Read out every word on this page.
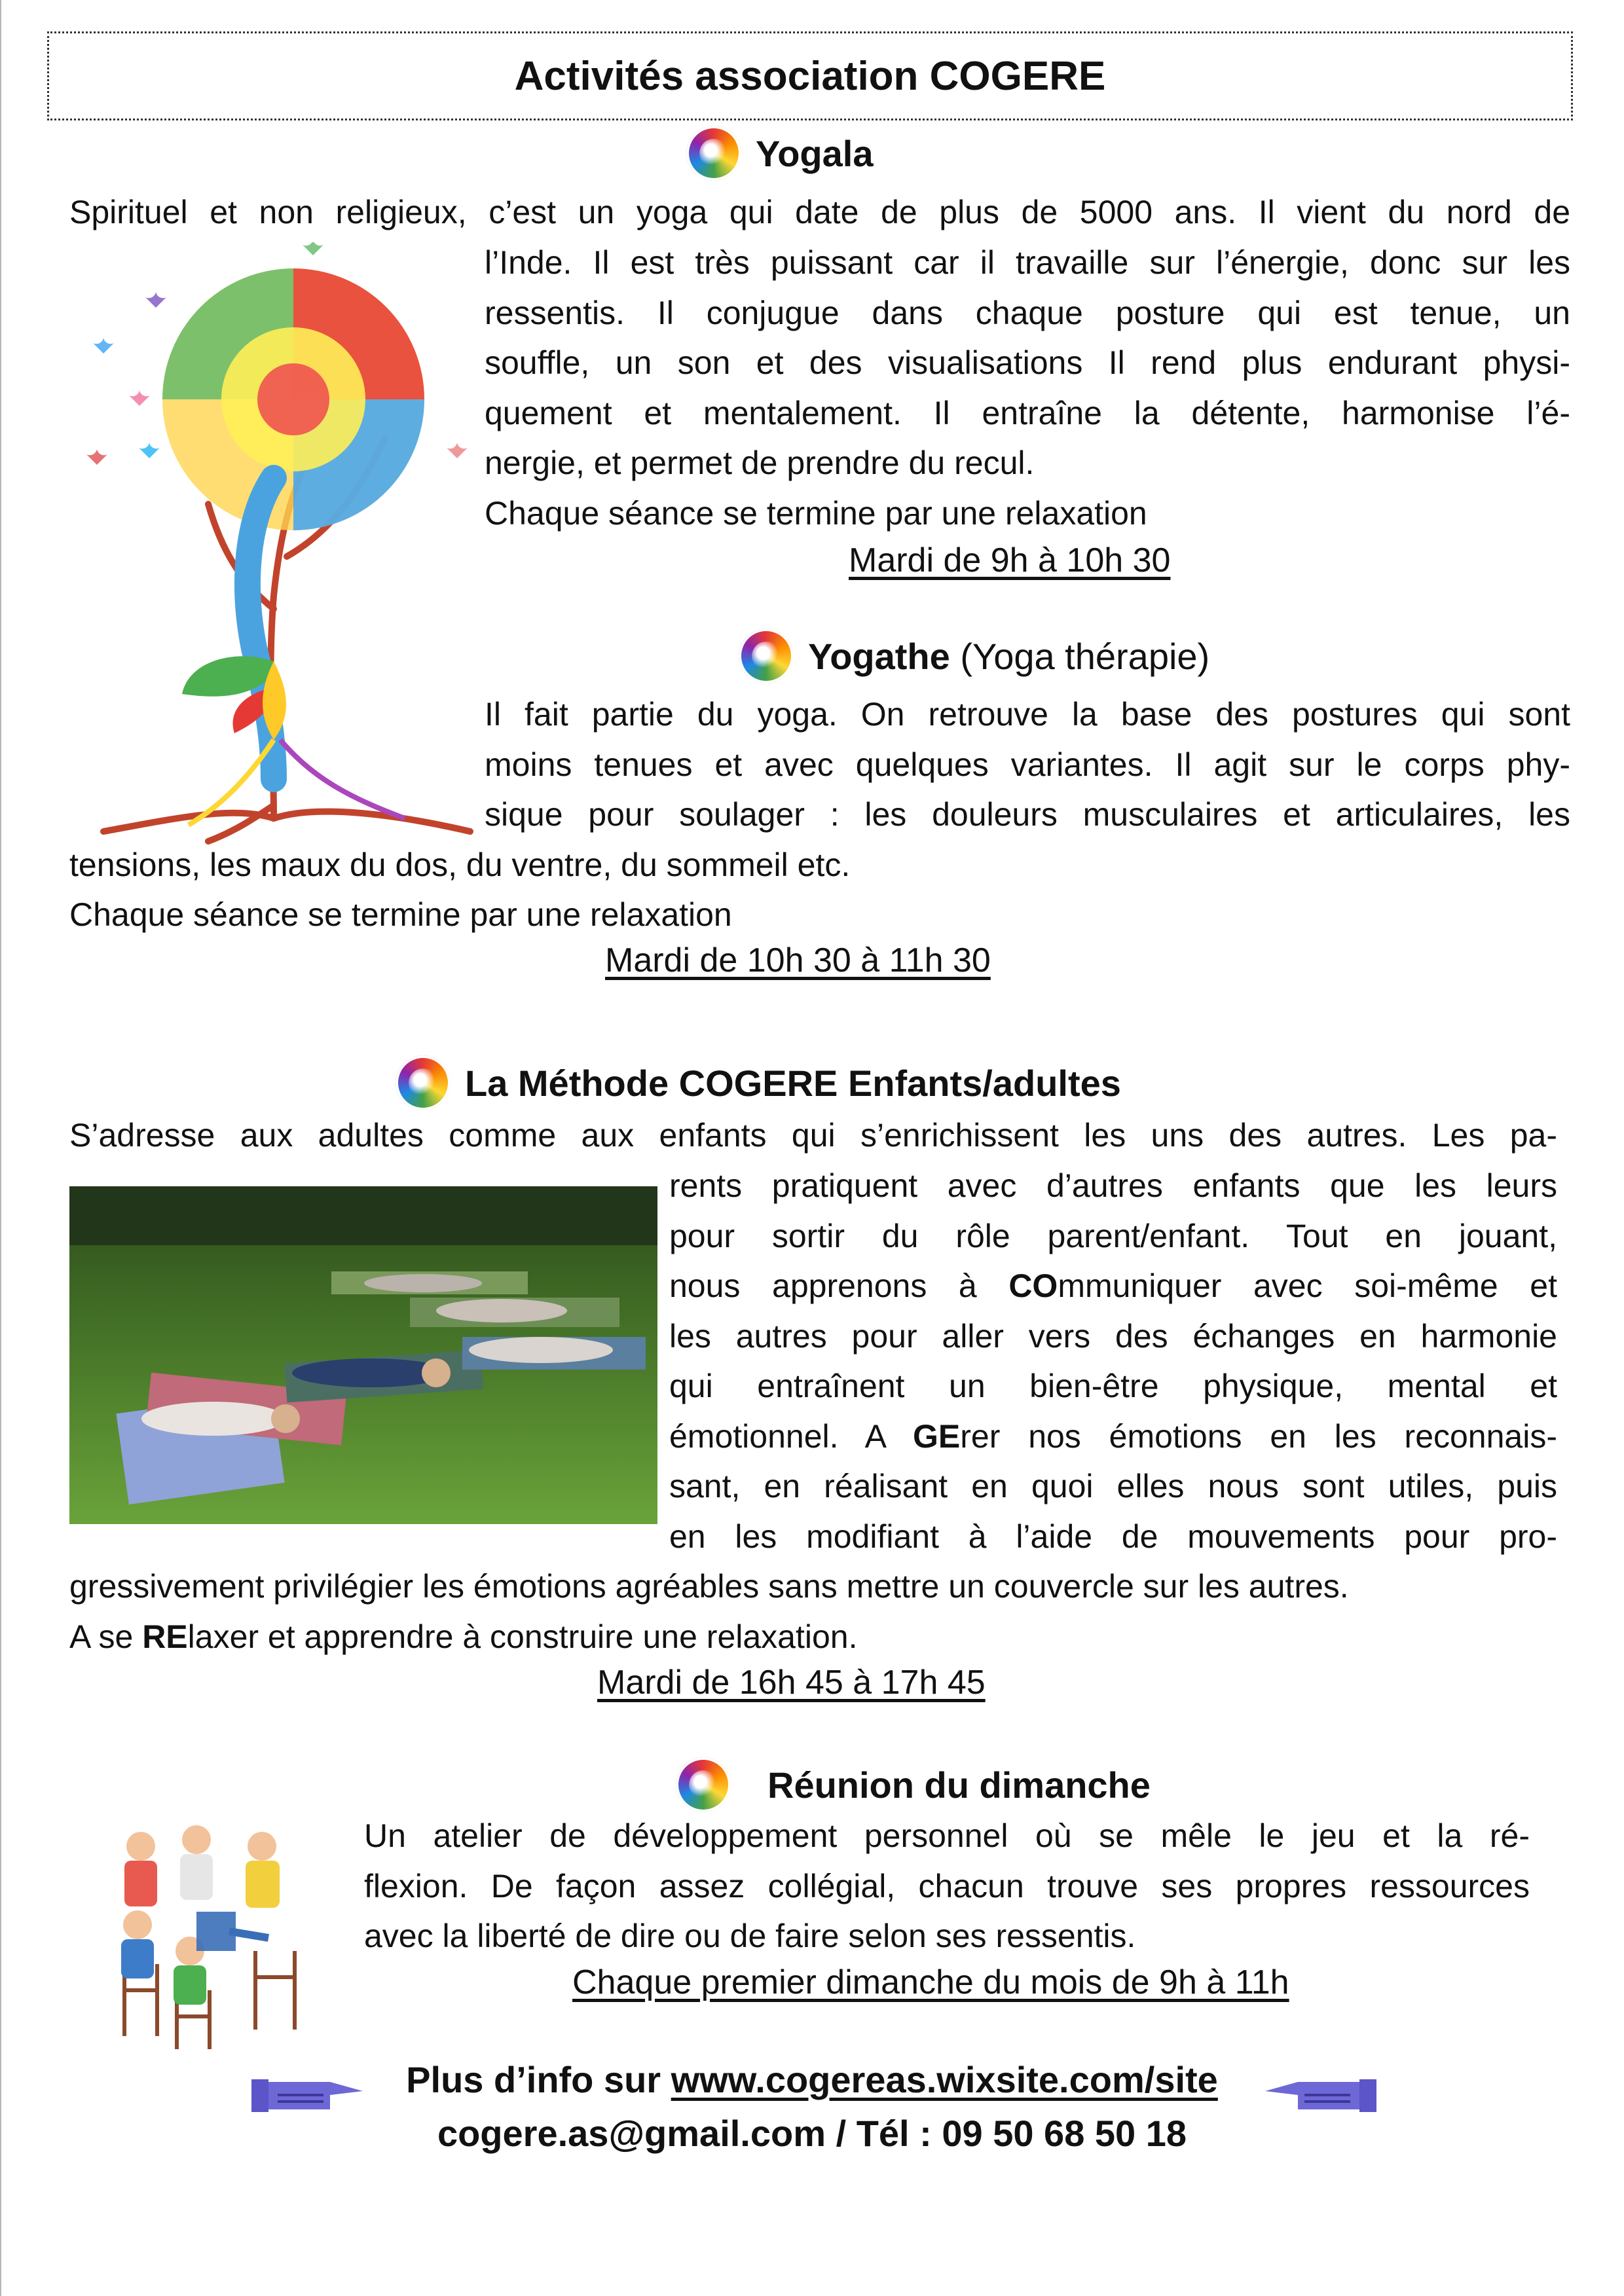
Activités association COGERE
Yogala

Spirituel et non religieux, c’est un yoga qui date de plus de 5000 ans. Il vient du nord de

l’Inde. Il est très puissant car il travaille sur l’énergie, donc sur les

ressentis. Il conjugue dans chaque posture qui est tenue, un

souffle, un son et des visualisations Il rend plus endurant physi-

quement et mentalement. Il entraîne la détente, harmonise l’é-

nergie, et permet de prendre du recul.

Chaque séance se termine par une relaxation

Mardi de 9h à 10h 30
Yogathe
(Yoga thérapie)

Il fait partie du yoga. On retrouve la base des postures qui sont

moins tenues et avec quelques variantes. Il agit sur le corps phy-

sique pour soulager : les douleurs musculaires et articulaires, les

tensions, les maux du dos, du ventre, du sommeil etc.

Chaque séance se termine par une relaxation

Mardi de 10h 30 à 11h 30
La Méthode COGERE Enfants/adultes

S’adresse aux adultes comme aux enfants qui s’enrichissent les uns des autres. Les pa-

rents pratiquent avec d’autres enfants que les leurs

pour sortir du rôle parent/enfant. Tout en jouant,

nous apprenons à COmmuniquer avec soi-même et

les autres pour aller vers des échanges en harmonie

qui entraînent un bien-être physique, mental et

émotionnel. A GErer nos émotions en les reconnais-

sant, en réalisant en quoi elles nous sont utiles, puis

en les modifiant à l’aide de mouvements pour pro-

gressivement privilégier les émotions agréables sans mettre un couvercle sur les autres.

A se RElaxer et apprendre à construire une relaxation.

Mardi de 16h 45 à 17h 45
Réunion du dimanche

Un atelier de développement personnel où se mêle le jeu et la ré-

flexion. De façon assez collégial, chacun trouve ses propres ressources

avec la liberté de dire ou de faire selon ses ressentis.

Chaque premier dimanche du mois de 9h à 11h
Plus d’info sur www.cogereas.wixsite.com/site
cogere.as@gmail.com / Tél : 09 50 68 50 18
